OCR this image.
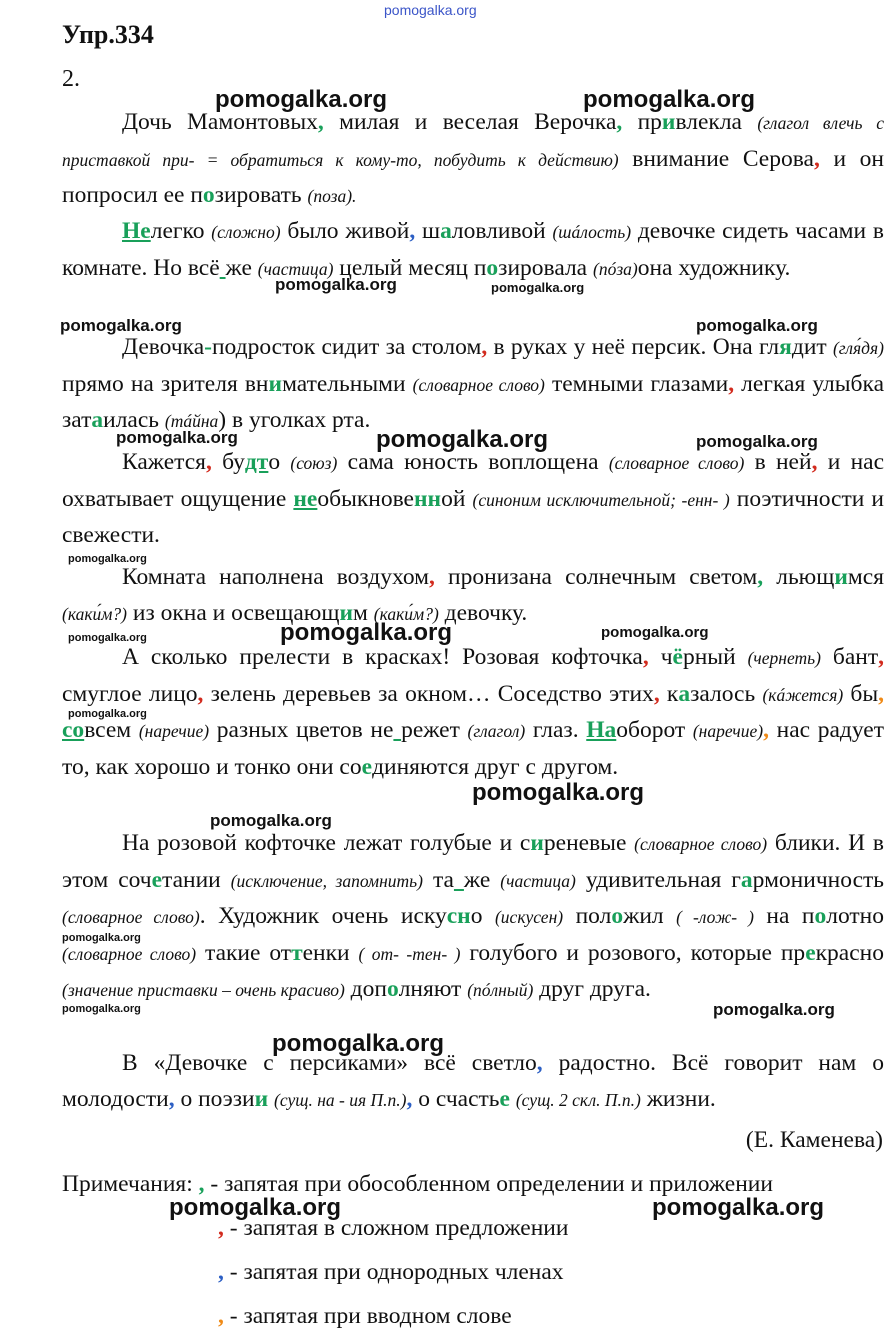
pomogalka.org
Упр.334
2.

Дочь Мамонтовых, милая и веселая Верочка, привлекла (глагол влечь с приставкой при- = обратиться к кому-то, побудить к действию) внимание Серова, и он попросил ее позировать (поза).

Нелегко (сложно) было живой, шаловливой (шáлость) девочке сидеть часами в комнате. Но всё же (частица) целый месяц позировала (пóза)она художнику.

Девочка-подросток сидит за столом, в руках у неё персик. Она глядит (гля́дя) прямо на зрителя внимательными (словарное слово) темными глазами, легкая улыбка затаилась (тáйна) в уголках рта.

Кажется, будто (союз) сама юность воплощена (словарное слово) в ней, и нас охватывает ощущение необыкновенной (синоним исключительной; -енн- ) поэтичности и свежести.

Комната наполнена воздухом, пронизана солнечным светом, льющимся (каки́м?) из окна и освещающим (каки́м?) девочку.

А сколько прелести в красках! Розовая кофточка, чёрный (чернеть) бант, смуглое лицо, зелень деревьев за окном… Соседство этих, казалось (кáжется) бы, совсем (наречие) разных цветов не режет (глагол) глаз. Наоборот (наречие), нас радует то, как хорошо и тонко они соединяются друг с другом.

На розовой кофточке лежат голубые и сиреневые (словарное слово) блики. И в этом сочетании (исключение, запомнить) та же (частица) удивительная гармоничность (словарное слово). Художник очень искусно (искусен) положил ( -лож- ) на полотно (словарное слово) такие оттенки ( от- -тен- ) голубого и розового, которые прекрасно (значение приставки – очень красиво) дополняют (пóлный) друг друга.

В «Девочке с персиками» всё светло, радостно. Всё говорит нам о молодости, о поэзии (сущ. на - ия П.п.), о счастье (сущ. 2 скл. П.п.) жизни.

(Е. Каменева)
Примечания: , - запятая при обособленном определении и приложении
, - запятая в сложном предложении
, - запятая при однородных членах
, - запятая при вводном слове
pomogalka.org	pomogalka.org
pomogalka.org	pomogalka.org
pomogalka.org	pomogalka.org
pomogalka.org	pomogalka.org	pomogalka.org
pomogalka.org
pomogalka.org	pomogalka.org	pomogalka.org
pomogalka.org
pomogalka.org
pomogalka.org
pomogalka.org
pomogalka.org
pomogalka.org
pomogalka.org
pomogalka.org	pomogalka.org
